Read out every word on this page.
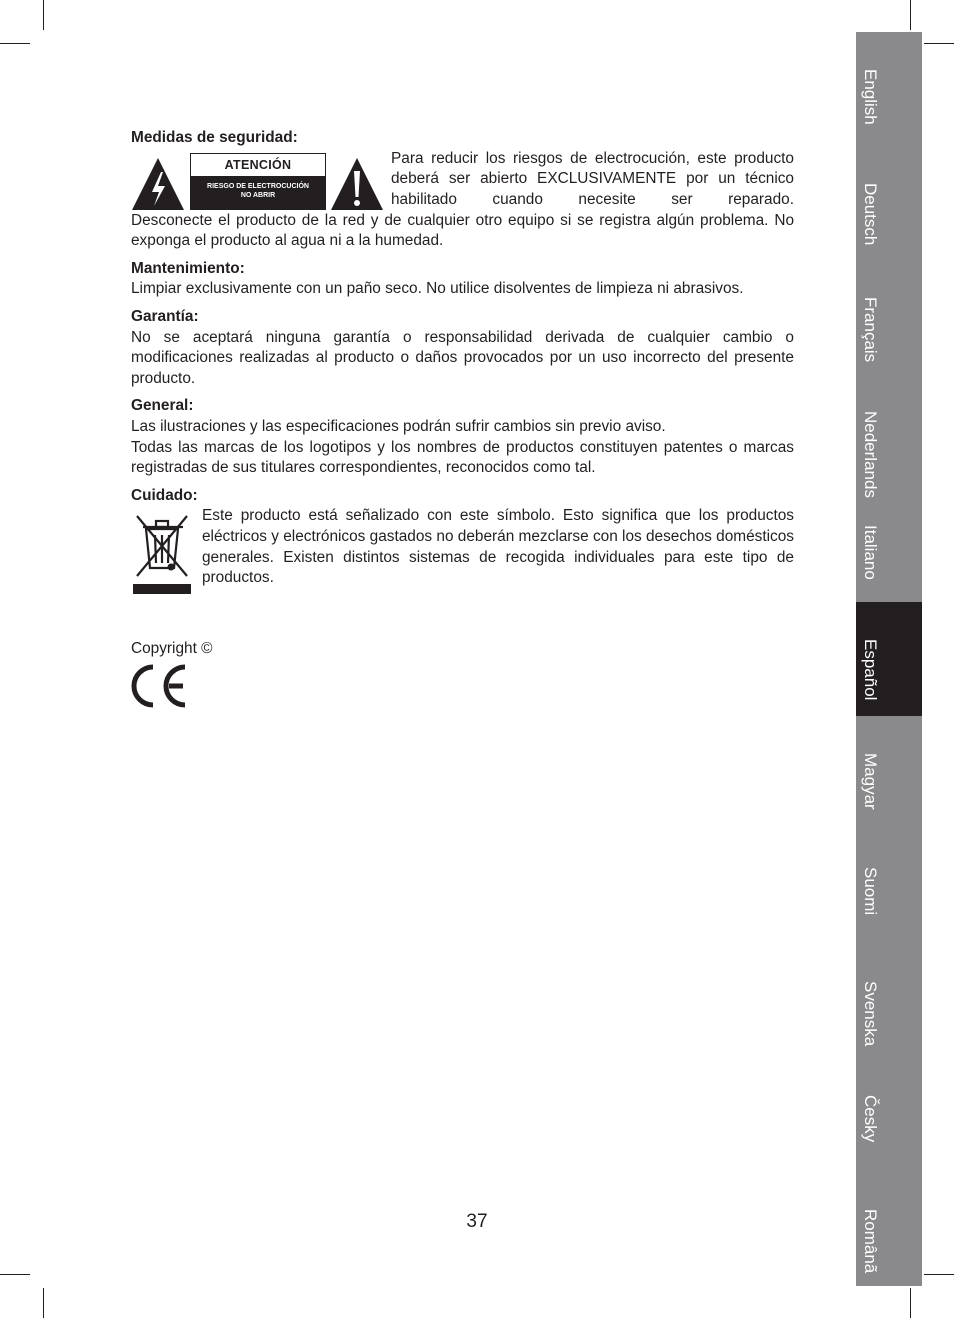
Medidas de seguridad:

ATENCIÓN
RIESGO DE ELECTROCUCIÓN
NO ABRIR

Para reducir los riesgos de electrocución, este producto deberá ser abierto EXCLUSIVAMENTE por un técnico habilitado cuando necesite ser reparado.

Desconecte el producto de la red y de cualquier otro equipo si se registra algún problema. No exponga el producto al agua ni a la humedad.

Mantenimiento:

Limpiar exclusivamente con un paño seco. No utilice disolventes de limpieza ni abrasivos.

Garantía:

No se aceptará ninguna garantía o responsabilidad derivada de cualquier cambio o modificaciones realizadas al producto o daños provocados por un uso incorrecto del presente producto.

General:

Las ilustraciones y las especificaciones podrán sufrir cambios sin previo aviso.

Todas las marcas de los logotipos y los nombres de productos constituyen patentes o marcas registradas de sus titulares correspondientes, reconocidos como tal.

Cuidado:

Este producto está señalizado con este símbolo. Esto significa que los productos eléctricos y electrónicos gastados no deberán mezclarse con los desechos domésticos generales. Existen distintos sistemas de recogida individuales para este tipo de productos.

Copyright ©

37
English
Deutsch
Français
Nederlands
Italiano
Español
Magyar
Suomi
Svenska
Česky
Românã
